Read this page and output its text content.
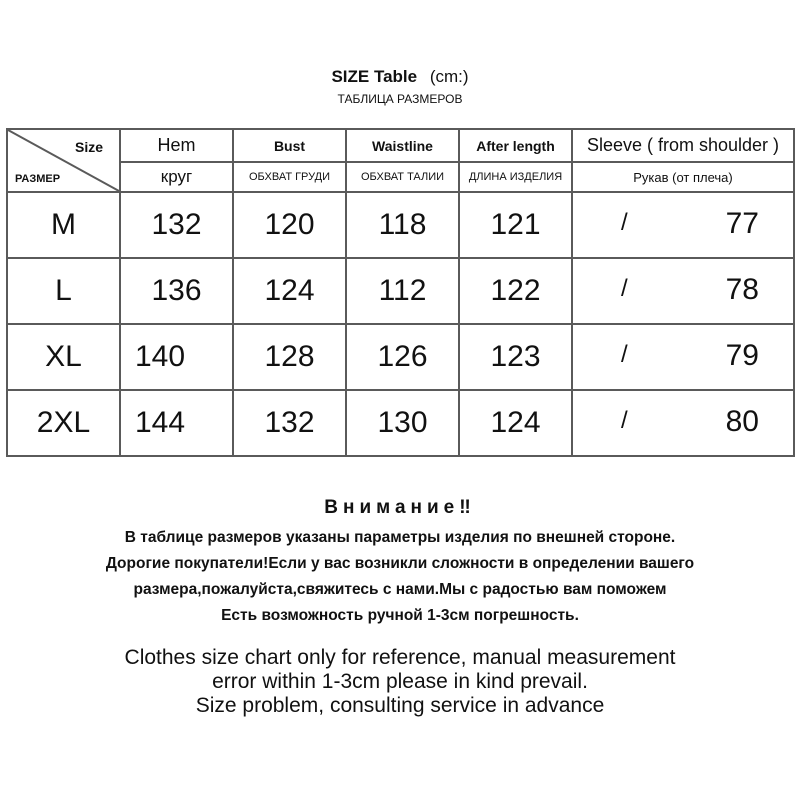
SIZE Table (cm:)
ТАБЛИЦА РАЗМЕРОВ
Size
РАЗМЕР	Hem	Bust	Waistline	After length	Sleeve ( from shoulder )
	круг	ОБХВАТ ГРУДИ	ОБХВАТ ТАЛИИ	ДЛИНА ИЗДЕЛИЯ	Рукав (от плеча)
M	132	120	118	121	/ 77

L	136	124	112	122	/ 78

XL	140	128	126	123	/ 79

2XL	144	132	130	124	/ 80
Внимание‼
В таблице размеров указаны параметры изделия по внешней стороне.
Дорогие покупатели!Если у вас возникли сложности в определении вашего
размера,пожалуйста,свяжитесь с нами.Мы с радостью вам поможем
Есть возможность ручной 1-3см погрешность.
Clothes size chart only for reference, manual measurement
error within 1-3cm please in kind prevail.
Size problem, consulting service in advance
